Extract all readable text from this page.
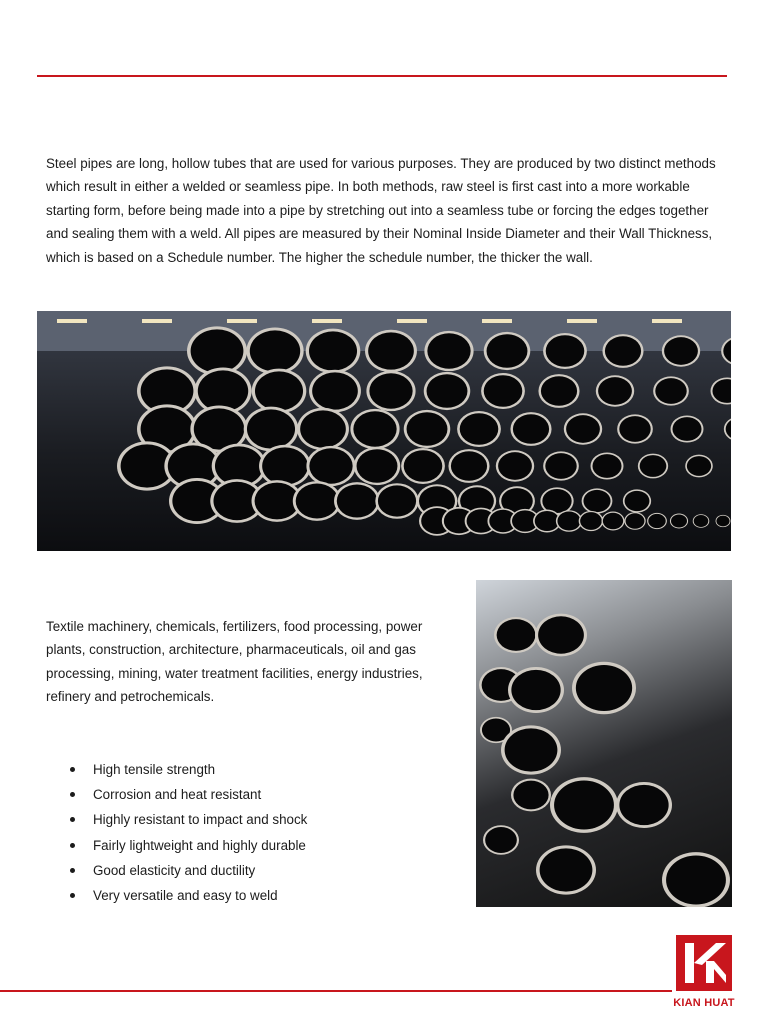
Steel pipes are long, hollow tubes that are used for various purposes. They are produced by two distinct methods which result in either a welded or seamless pipe. In both methods, raw steel is first cast into a more workable starting form, before being made into a pipe by stretching out into a seamless tube or forcing the edges together and sealing them with a weld. All pipes are measured by their Nominal Inside Diameter and their Wall Thickness, which is based on a Schedule number. The higher the schedule number, the thicker the wall.

Textile machinery, chemicals, fertilizers, food processing, power plants, construction, architecture, pharmaceuticals, oil and gas processing, mining, water treatment facilities, energy industries, refinery and petrochemicals.

High tensile strength
Corrosion and heat resistant
Highly resistant to impact and shock
Fairly lightweight and highly durable
Good elasticity and ductility
Very versatile and easy to weld
KIAN HUAT
